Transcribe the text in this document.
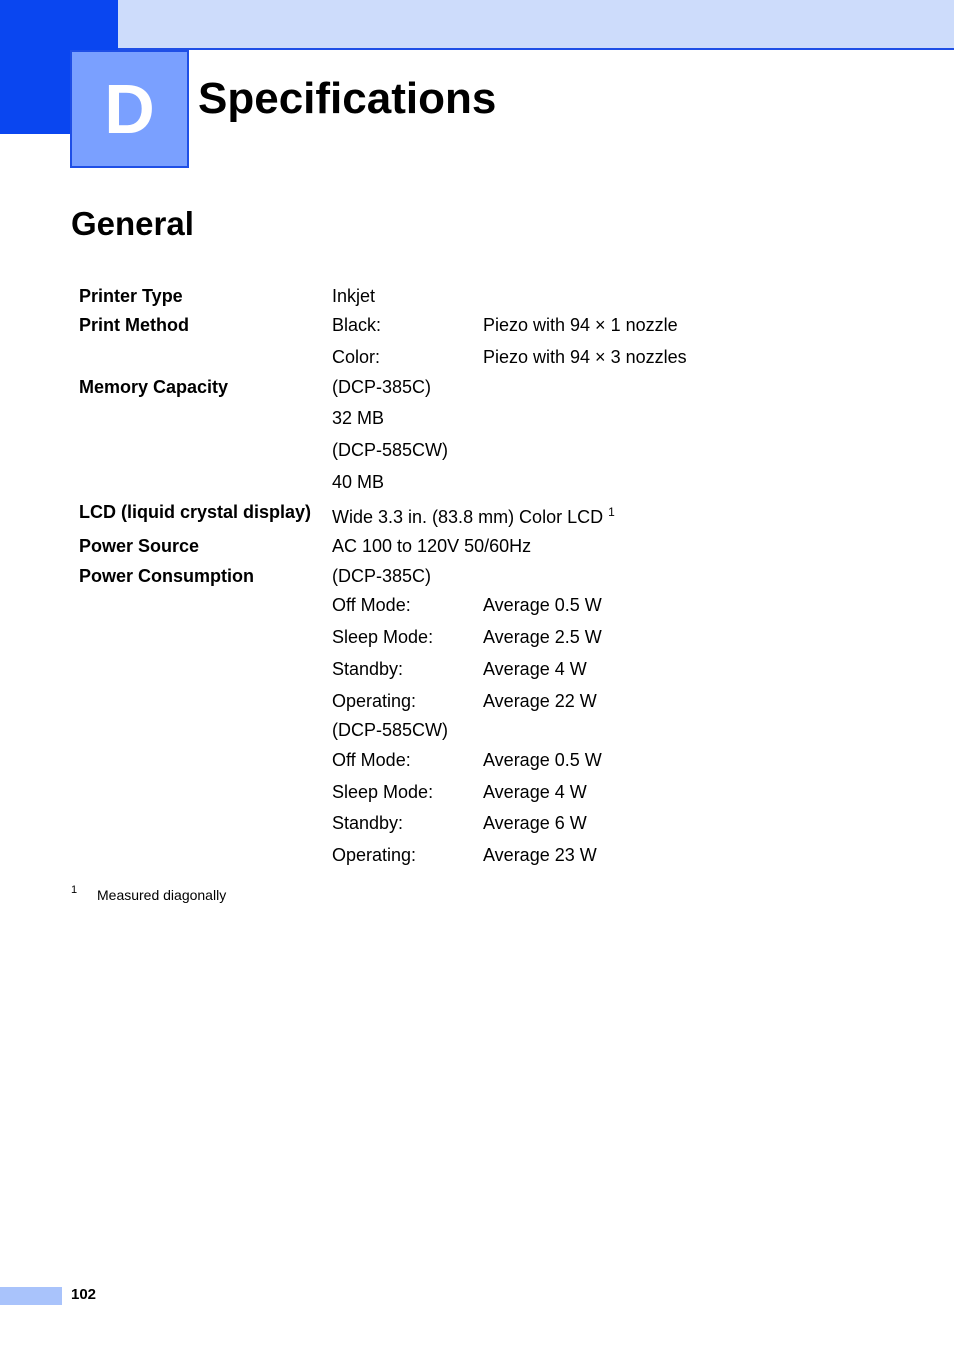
D Specifications
General
Printer Type	Inkjet
Print Method	Black:	Piezo with 94 × 1 nozzle
Color:	Piezo with 94 × 3 nozzles
Memory Capacity	(DCP-385C)
32 MB
(DCP-585CW)
40 MB
LCD (liquid crystal display) Wide 3.3 in. (83.8 mm) Color LCD $^1$
Power Source	AC 100 to 120V 50/60Hz
Power Consumption	(DCP-385C)
Off Mode:	Average 0.5 W
Sleep Mode:	Average 2.5 W
Standby:	Average 4 W
Operating:	Average 22 W
(DCP-585CW)
Off Mode:	Average 0.5 W
Sleep Mode:	Average 4 W
Standby:	Average 6 W
Operating:	Average 23 W
1 Measured diagonally
102
